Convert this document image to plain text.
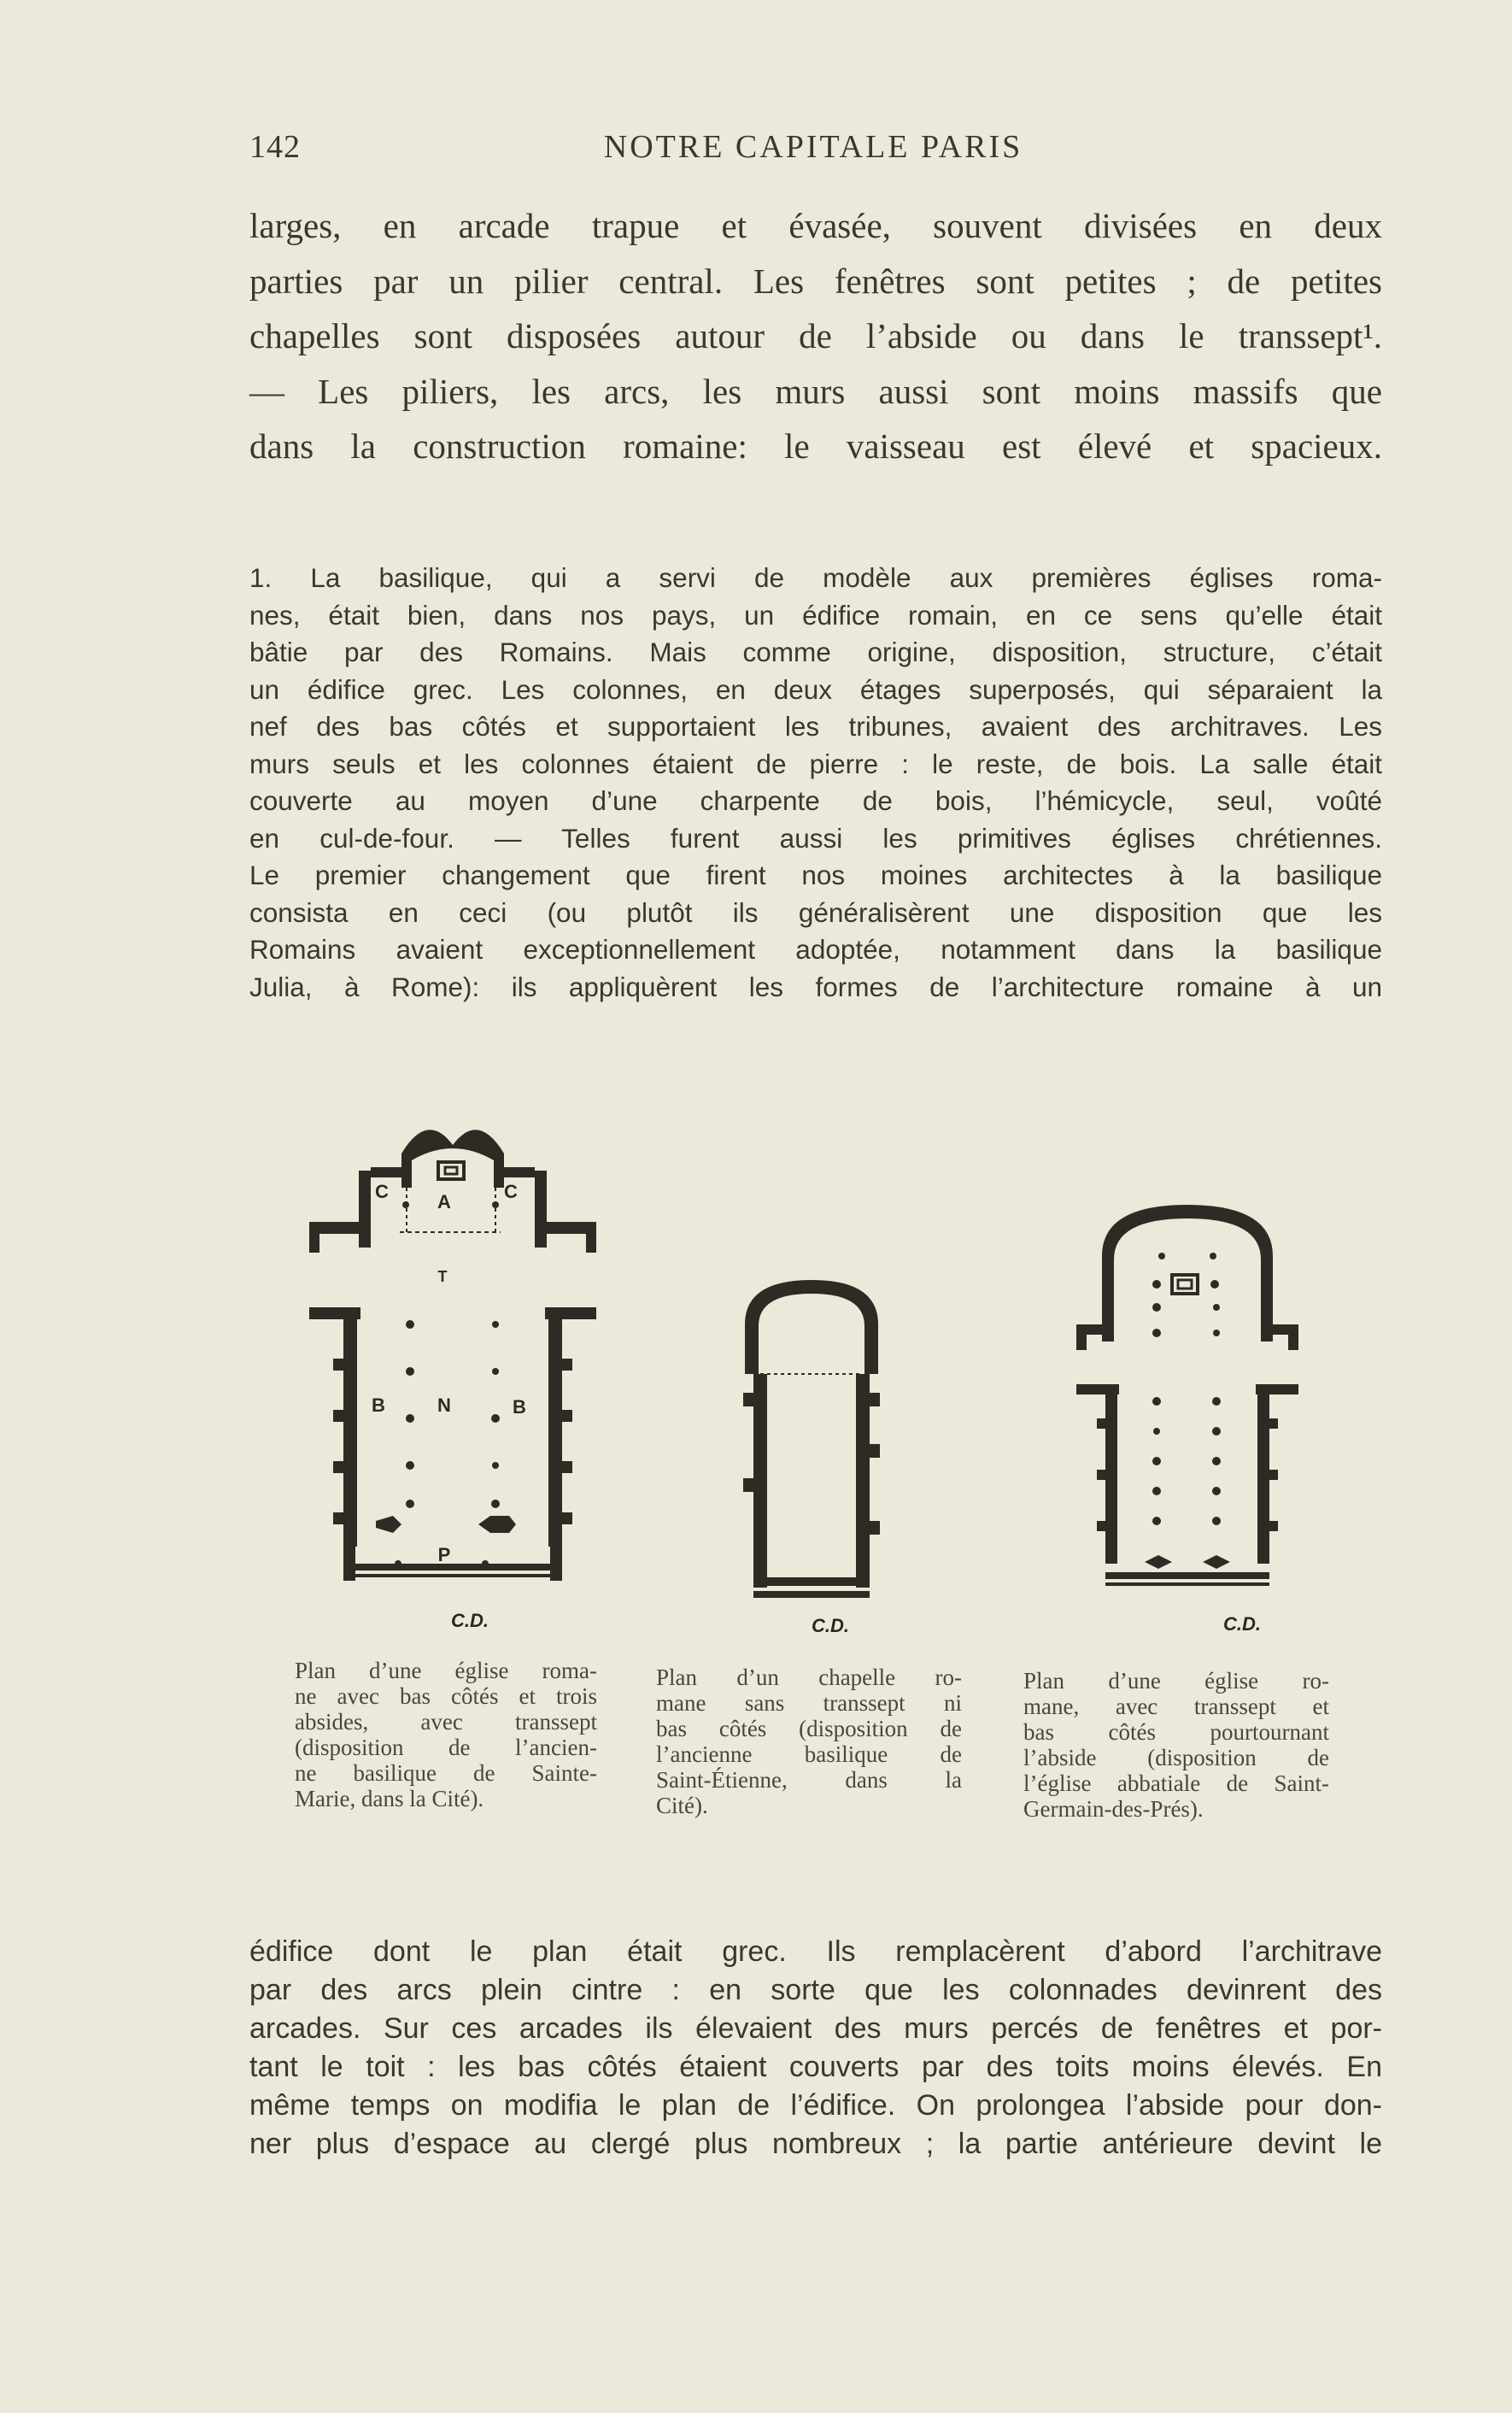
142	NOTRE CAPITALE PARIS
larges, en arcade trapue et évasée, souvent divisées en deux
parties par un pilier central. Les fenêtres sont petites ; de petites
chapelles sont disposées autour de l’abside ou dans le transsept¹.
— Les piliers, les arcs, les murs aussi sont moins massifs que
dans la construction romaine: le vaisseau est élevé et spacieux.
1. La basilique, qui a servi de modèle aux premières églises roma-
nes, était bien, dans nos pays, un édifice romain, en ce sens qu’elle était
bâtie par des Romains. Mais comme origine, disposition, structure, c’était
un édifice grec. Les colonnes, en deux étages superposés, qui séparaient la
nef des bas côtés et supportaient les tribunes, avaient des architraves. Les
murs seuls et les colonnes étaient de pierre : le reste, de bois. La salle était
couverte au moyen d’une charpente de bois, l’hémicycle, seul, voûté
en cul-de-four. — Telles furent aussi les primitives églises chrétiennes.
Le premier changement que firent nos moines architectes à la basilique
consista en ceci (ou plutôt ils généralisèrent une disposition que les
Romains avaient exceptionnellement adoptée, notamment dans la basilique
Julia, à Rome): ils appliquèrent les formes de l’architecture romaine à un
C	A	C
T
B	N	B
P
C.D.	C.D.	C.D.
Plan d’une église roma-
ne avec bas côtés et trois
absides, avec transsept
(disposition de l’ancien-
ne basilique de Sainte-
Marie, dans la Cité).
Plan d’un chapelle ro-
mane sans transsept ni
bas côtés (disposition de
l’ancienne basilique de
Saint-Étienne, dans la
Cité).
Plan d’une église ro-
mane, avec transsept et
bas côtés pourtournant
l’abside (disposition de
l’église abbatiale de Saint-
Germain-des-Prés).
édifice dont le plan était grec. Ils remplacèrent d’abord l’architrave
par des arcs plein cintre : en sorte que les colonnades devinrent des
arcades. Sur ces arcades ils élevaient des murs percés de fenêtres et por-
tant le toit : les bas côtés étaient couverts par des toits moins élevés. En
même temps on modifia le plan de l’édifice. On prolongea l’abside pour don-
ner plus d’espace au clergé plus nombreux ; la partie antérieure devint le
